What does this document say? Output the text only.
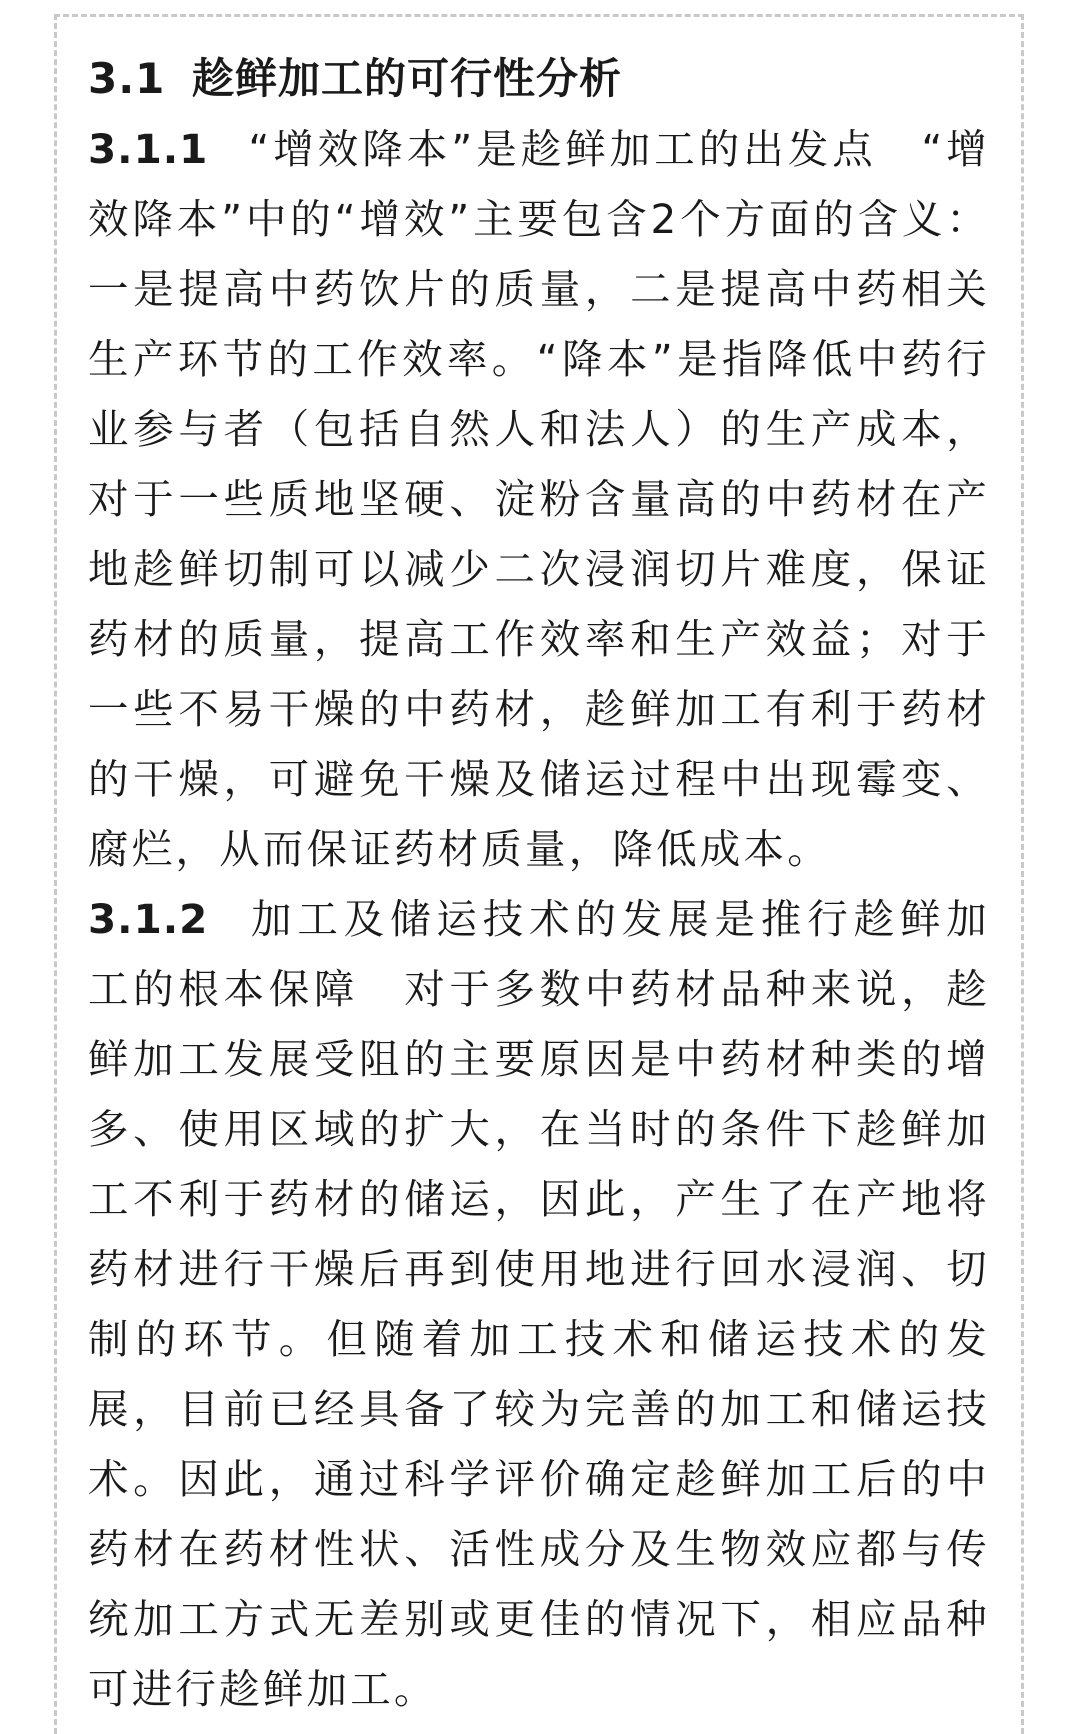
3.1 趁鲜加工的可行性分析

3.1.1 “增效降本”是趁鲜加工的出发点　“增效降本”中的“增效”主要包含2个方面的含义：一是提高中药饮片的质量，二是提高中药相关生产环节的工作效率。“降本”是指降低中药行业参与者（包括自然人和法人）的生产成本，对于一些质地坚硬、淀粉含量高的中药材在产地趁鲜切制可以减少二次浸润切片难度，保证药材的质量，提高工作效率和生产效益；对于一些不易干燥的中药材，趁鲜加工有利于药材的干燥，可避免干燥及储运过程中出现霉变、腐烂，从而保证药材质量，降低成本。

3.1.2 加工及储运技术的发展是推行趁鲜加工的根本保障　对于多数中药材品种来说，趁鲜加工发展受阻的主要原因是中药材种类的增多、使用区域的扩大，在当时的条件下趁鲜加工不利于药材的储运，因此，产生了在产地将药材进行干燥后再到使用地进行回水浸润、切制的环节。但随着加工技术和储运技术的发展，目前已经具备了较为完善的加工和储运技术。因此，通过科学评价确定趁鲜加工后的中药材在药材性状、活性成分及生物效应都与传统加工方式无差别或更佳的情况下，相应品种可进行趁鲜加工。
